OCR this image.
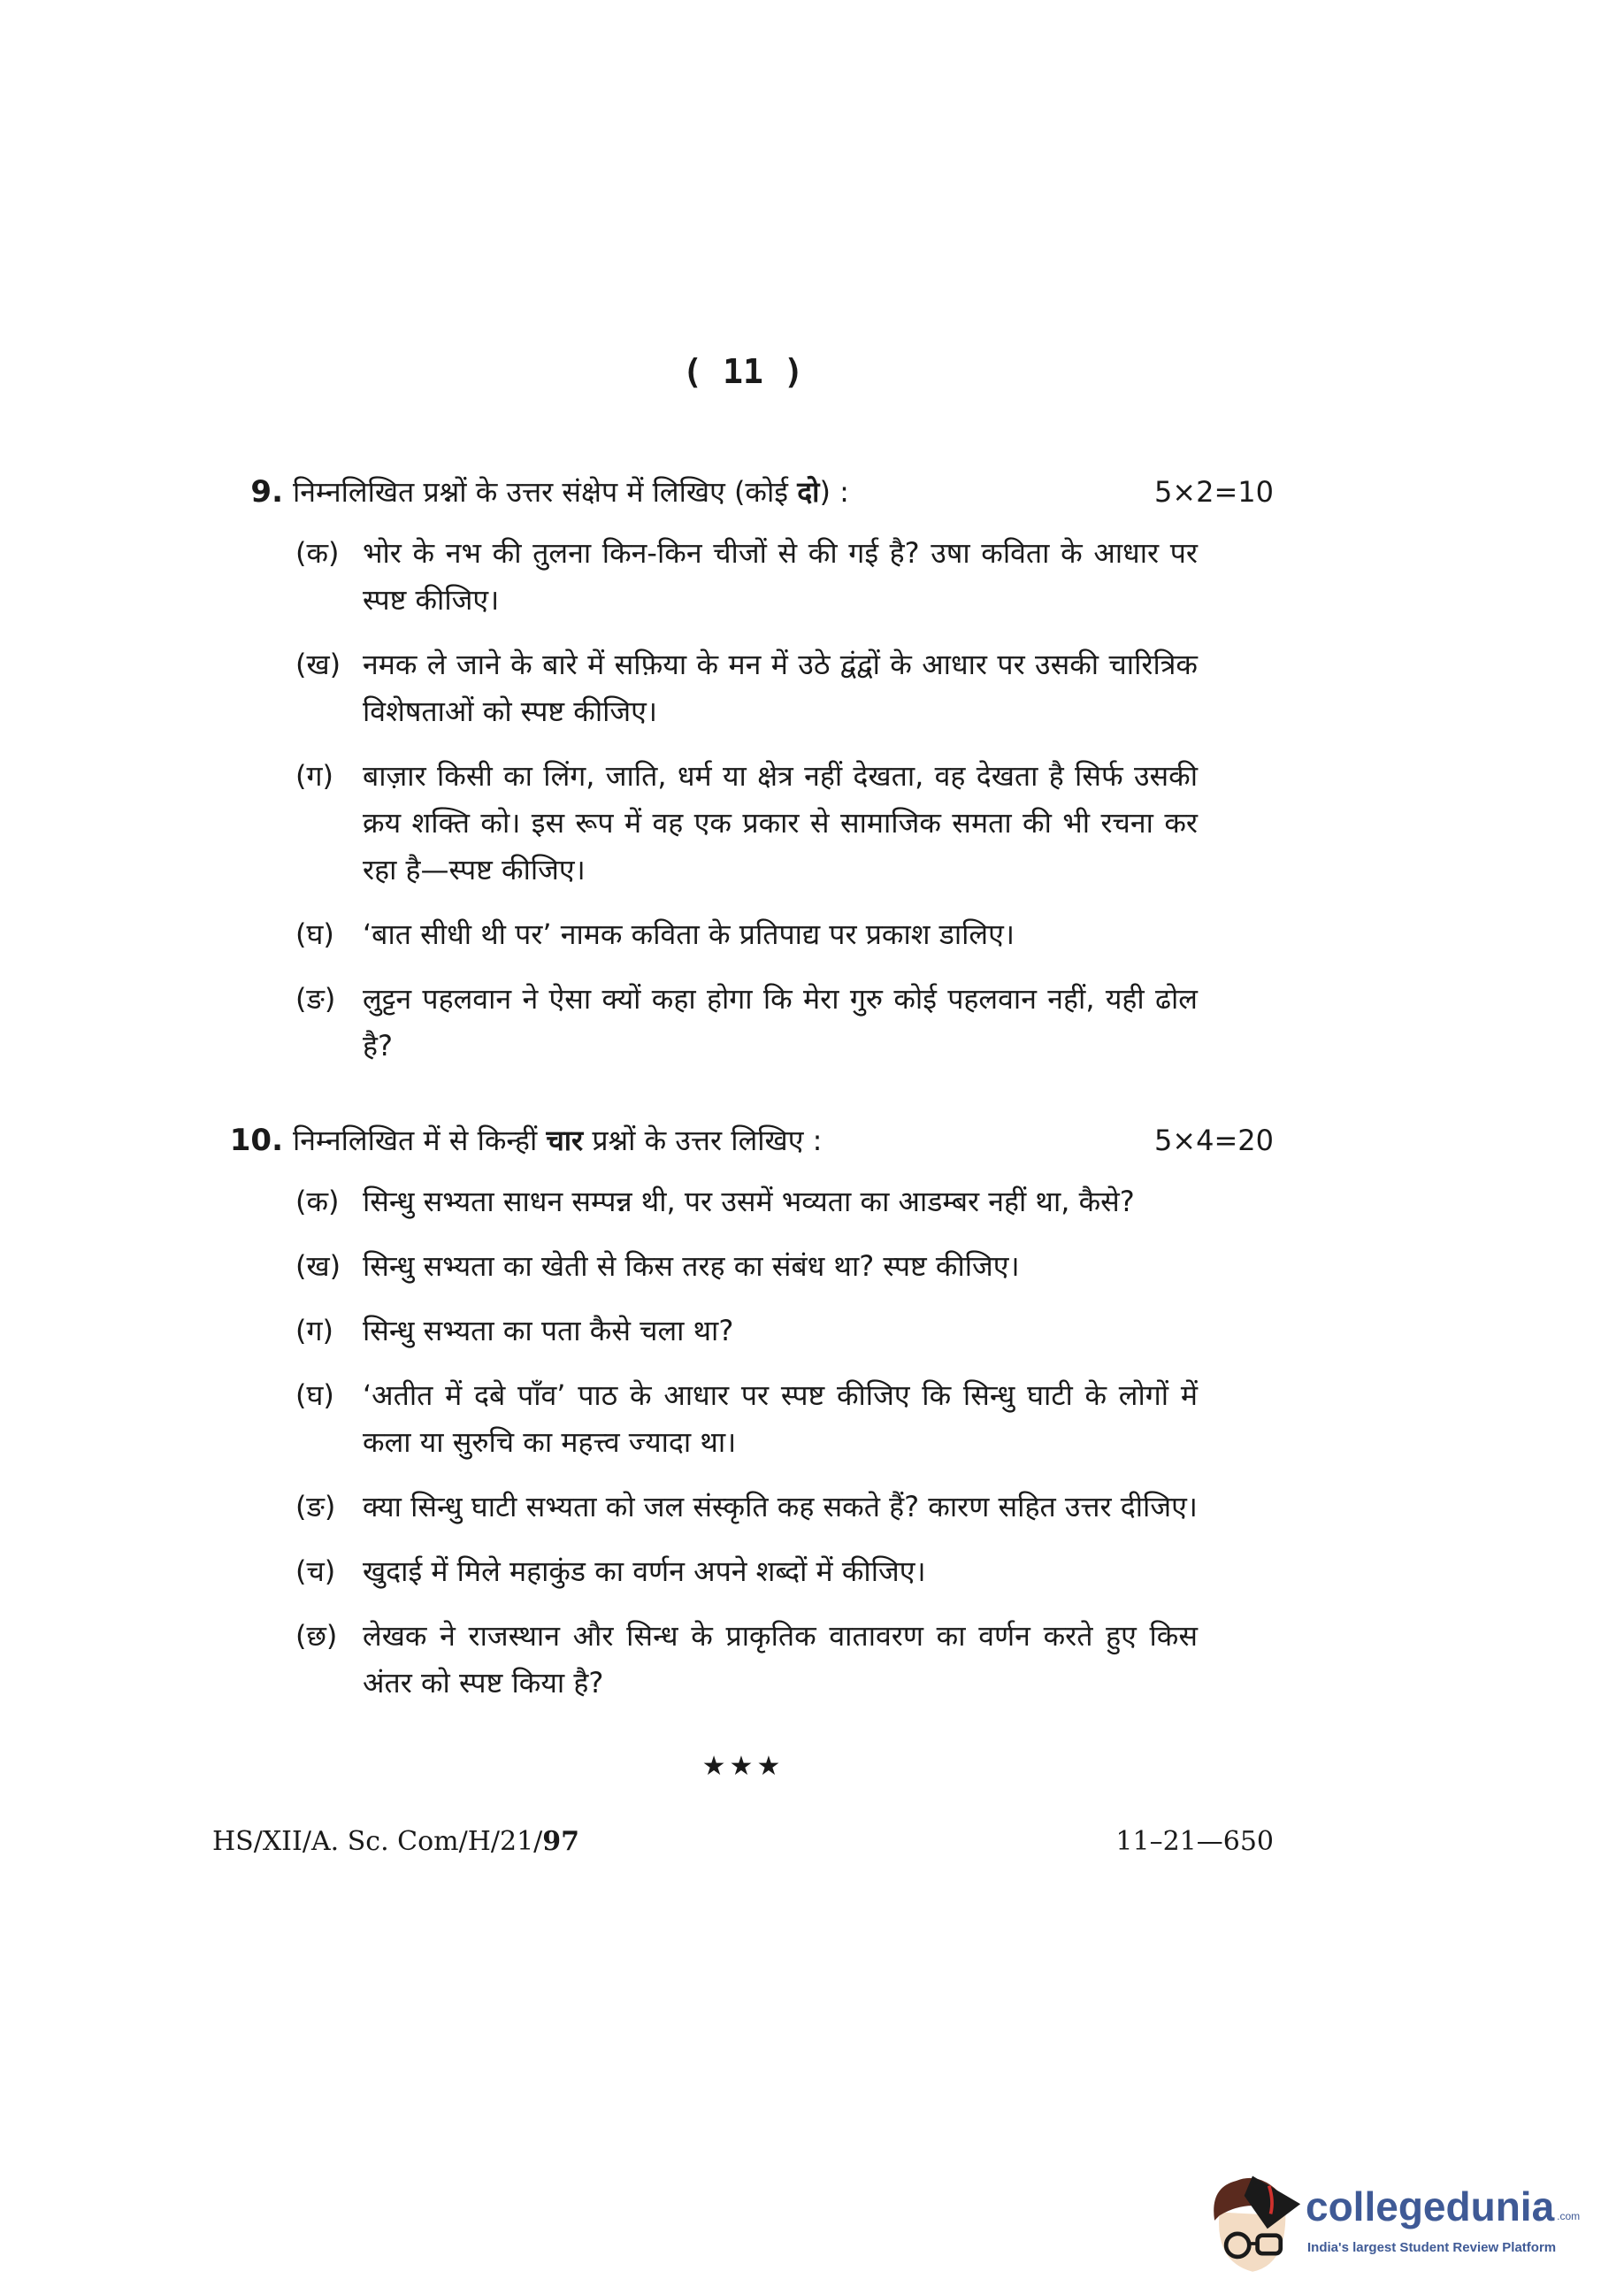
( 11 )
9. निम्नलिखित प्रश्नों के उत्तर संक्षेप में लिखिए (कोई दो) :	5×2=10
(क) भोर के नभ की तुलना किन-किन चीजों से की गई है? उषा कविता के आधार पर स्पष्ट कीजिए।
(ख) नमक ले जाने के बारे में सफ़िया के मन में उठे द्वंद्वों के आधार पर उसकी चारित्रिक विशेषताओं को स्पष्ट कीजिए।
(ग) बाज़ार किसी का लिंग, जाति, धर्म या क्षेत्र नहीं देखता, वह देखता है सिर्फ उसकी क्रय शक्ति को। इस रूप में वह एक प्रकार से सामाजिक समता की भी रचना कर रहा है—स्पष्ट कीजिए।
(घ) ‘बात सीधी थी पर’ नामक कविता के प्रतिपाद्य पर प्रकाश डालिए।
(ङ) लुट्टन पहलवान ने ऐसा क्यों कहा होगा कि मेरा गुरु कोई पहलवान नहीं, यही ढोल है?
10. निम्नलिखित में से किन्हीं चार प्रश्नों के उत्तर लिखिए :	5×4=20
(क) सिन्धु सभ्यता साधन सम्पन्न थी, पर उसमें भव्यता का आडम्बर नहीं था, कैसे?
(ख) सिन्धु सभ्यता का खेती से किस तरह का संबंध था? स्पष्ट कीजिए।
(ग) सिन्धु सभ्यता का पता कैसे चला था?
(घ) ‘अतीत में दबे पाँव’ पाठ के आधार पर स्पष्ट कीजिए कि सिन्धु घाटी के लोगों में कला या सुरुचि का महत्त्व ज्यादा था।
(ङ) क्या सिन्धु घाटी सभ्यता को जल संस्कृति कह सकते हैं? कारण सहित उत्तर दीजिए।
(च) खुदाई में मिले महाकुंड का वर्णन अपने शब्दों में कीजिए।
(छ) लेखक ने राजस्थान और सिन्ध के प्राकृतिक वातावरण का वर्णन करते हुए किस अंतर को स्पष्ट किया है?
★★★
HS/XII/A. Sc. Com/H/21/97	11–21—650
collegedunia .com
India's largest Student Review Platform
